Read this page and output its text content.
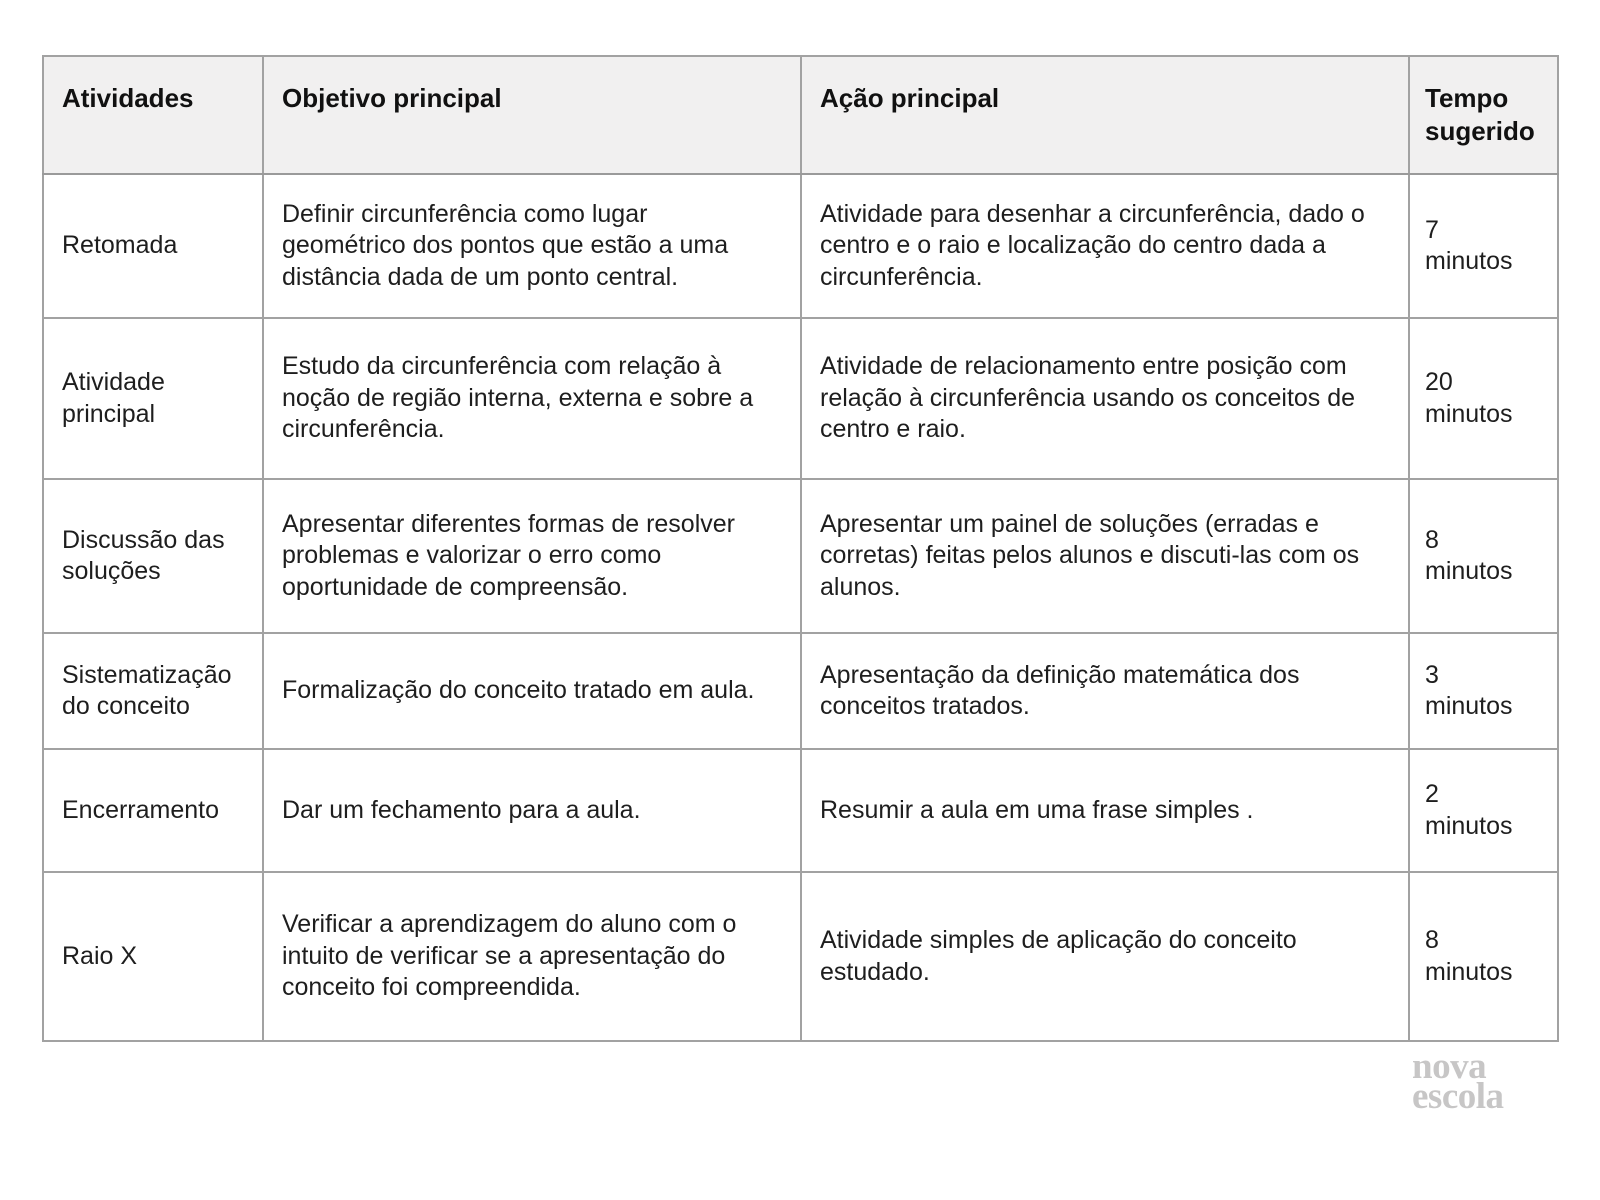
Atividades	Objetivo principal	Ação principal	Tempo sugerido
Retomada	Definir circunferência como lugar geométrico dos pontos que estão a uma distância dada de um ponto central.	Atividade para desenhar a circunferência, dado o centro e o raio e localização do centro dada a circunferência.	7
minutos

Atividade principal	Estudo da circunferência com relação à noção de região interna, externa e sobre a circunferência.	Atividade de relacionamento entre posição com relação à circunferência usando os conceitos de centro e raio.	20
minutos

Discussão das soluções	Apresentar diferentes formas de resolver problemas e valorizar o erro como oportunidade de compreensão.	Apresentar um painel de soluções (erradas e corretas) feitas pelos alunos e discuti-las com os alunos.	8
minutos

Sistematização do conceito	Formalização do conceito tratado em aula.	Apresentação da definição matemática dos conceitos tratados.	3
minutos

Encerramento	Dar um fechamento para a aula.	Resumir a aula em uma frase simples .	2
minutos

Raio X	Verificar a aprendizagem do aluno com o intuito de verificar se a apresentação do conceito foi compreendida.	Atividade simples de aplicação do conceito estudado.	8
minutos
nova
escola
